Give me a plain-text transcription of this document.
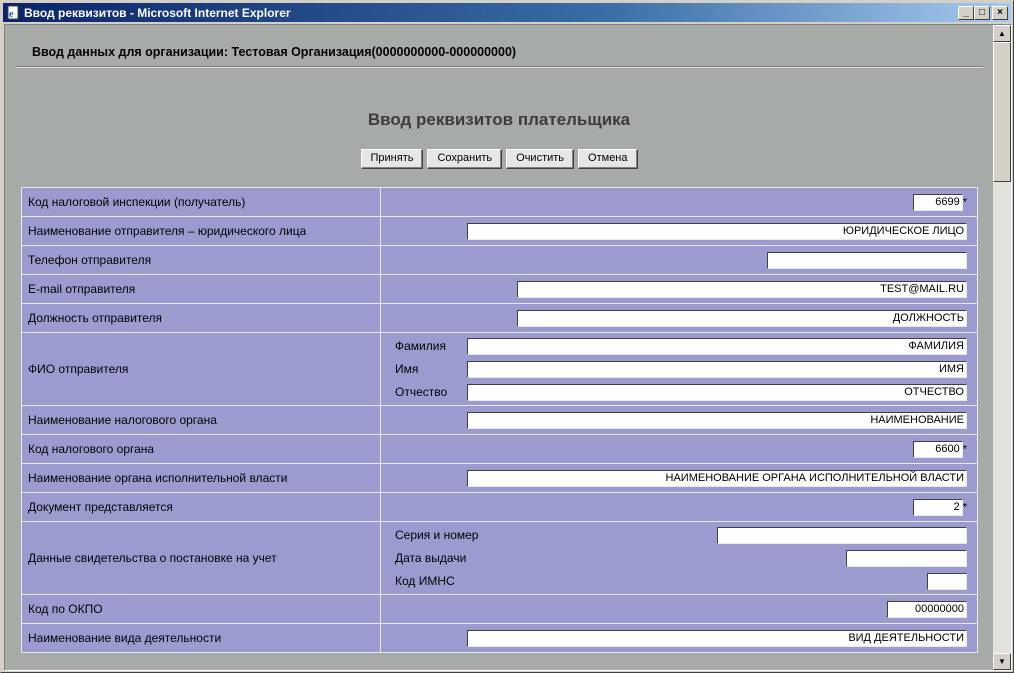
e Ввод реквизитов - Microsoft Internet Explorer	_	□	×
Ввод данных для организации: Тестовая Организация(0000000000-000000000)
Ввод реквизитов плательщика
Принять Сохранить Очистить Отмена
Код налоговой инспекции (получатель)	6699 *
Наименование отправителя – юридического лица	ЮРИДИЧЕСКОЕ ЛИЦО
Телефон отправителя	
E-mail отправителя	TEST@MAIL.RU
Должность отправителя	ДОЛЖНОСТЬ
ФИО отправителя	
Фамилия	ФАМИЛИЯ
Имя	ИМЯ
Отчество	ОТЧЕСТВО

Наименование налогового органа	НАИМЕНОВАНИЕ
Код налогового органа	6600 *
Наименование органа исполнительной власти	НАИМЕНОВАНИЕ ОРГАНА ИСПОЛНИТЕЛЬНОЙ ВЛАСТИ
Документ представляется	2 *
Данные свидетельства о постановке на учет	
Серия и номер	
Дата выдачи	
Код ИМНС	

Код по ОКПО	00000000
Наименование вида деятельности	ВИД ДЕЯТЕЛЬНОСТИ
▲
▼
